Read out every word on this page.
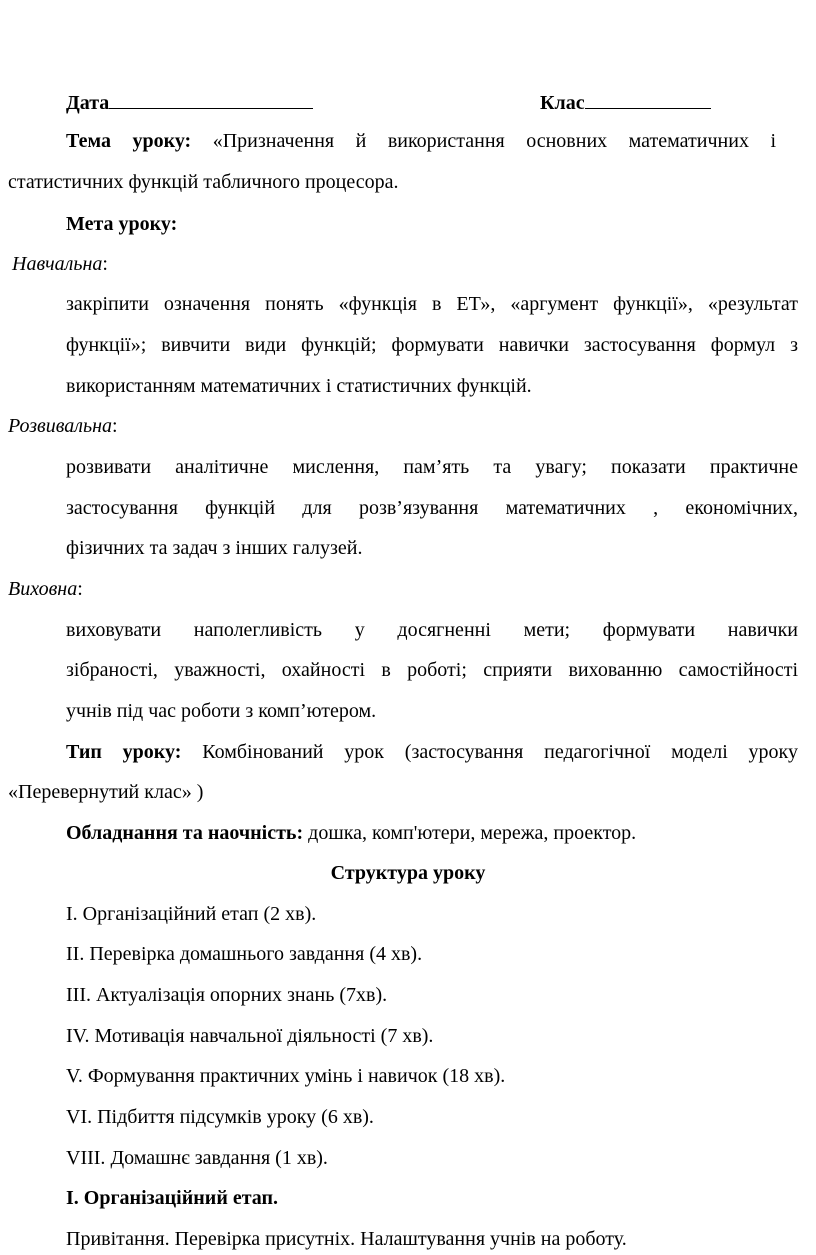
Дата	Клас
Тема уроку: «Призначення й використання основних математичних і
статистичних функцій табличного процесора.
Мета уроку:
Навчальна:
закріпити означення понять «функція в ЕТ», «аргумент функції», «результат
функції»; вивчити види функцій; формувати навички застосування формул з
використанням математичних і статистичних функцій.
Розвивальна:
розвивати аналітичне мислення, пам’ять та увагу; показати практичне
застосування функцій для розв’язування математичних , економічних,
фізичних та задач з інших галузей.
Виховна:
виховувати наполегливість у досягненні мети; формувати навички
зібраності, уважності, охайності в роботі; сприяти вихованню самостійності
учнів під час роботи з комп’ютером.
Тип уроку: Комбінований урок (застосування педагогічної моделі уроку
«Перевернутий клас» )
Обладнання та наочність: дошка, комп'ютери, мережа, проектор.
Структура уроку
І. Організаційний етап (2 хв).
ІІ. Перевірка домашнього завдання (4 хв).
ІІІ. Актуалізація опорних знань (7хв).
IV. Мотивація навчальної діяльності (7 хв).
V. Формування практичних умінь і навичок (18 хв).
VI. Підбиття підсумків уроку (6 хв).
VIII. Домашнє завдання (1 хв).
І. Організаційний етап.
Привітання. Перевірка присутніх. Налаштування учнів на роботу.
